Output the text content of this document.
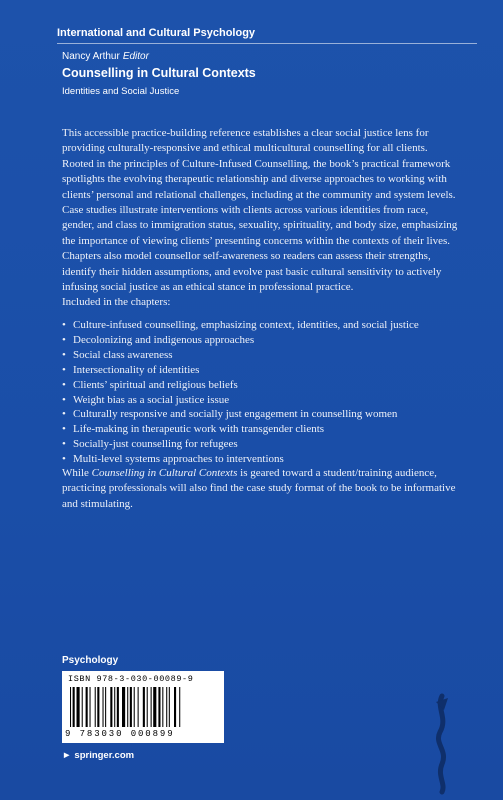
International and Cultural Psychology
Nancy Arthur Editor
Counselling in Cultural Contexts
Identities and Social Justice

This accessible practice-building reference establishes a clear social justice lens for providing culturally-responsive and ethical multicultural counselling for all clients. Rooted in the principles of Culture-Infused Counselling, the book’s practical framework spotlights the evolving therapeutic relationship and diverse approaches to working with clients’ personal and relational challenges, including at the community and system levels. Case studies illustrate interventions with clients across various identities from race, gender, and class to immigration status, sexuality, spirituality, and body size, emphasizing the importance of viewing clients’ presenting concerns within the contexts of their lives. Chapters also model counsellor self-awareness so readers can assess their strengths, identify their hidden assumptions, and evolve past basic cultural sensitivity to actively infusing social justice as an ethical stance in professional practice.

Included in the chapters:
• Culture-infused counselling, emphasizing context, identities, and social justice
• Decolonizing and indigenous approaches
• Social class awareness
• Intersectionality of identities
• Clients’ spiritual and religious beliefs
• Weight bias as a social justice issue
• Culturally responsive and socially just engagement in counselling women
• Life-making in therapeutic work with transgender clients
• Socially-just counselling for refugees
• Multi-level systems approaches to interventions

While Counselling in Cultural Contexts is geared toward a student/training audience, practicing professionals will also find the case study format of the book to be informative and stimulating.

Psychology
ISBN 978-3-030-00089-9
9 783030 000899
► springer.com
